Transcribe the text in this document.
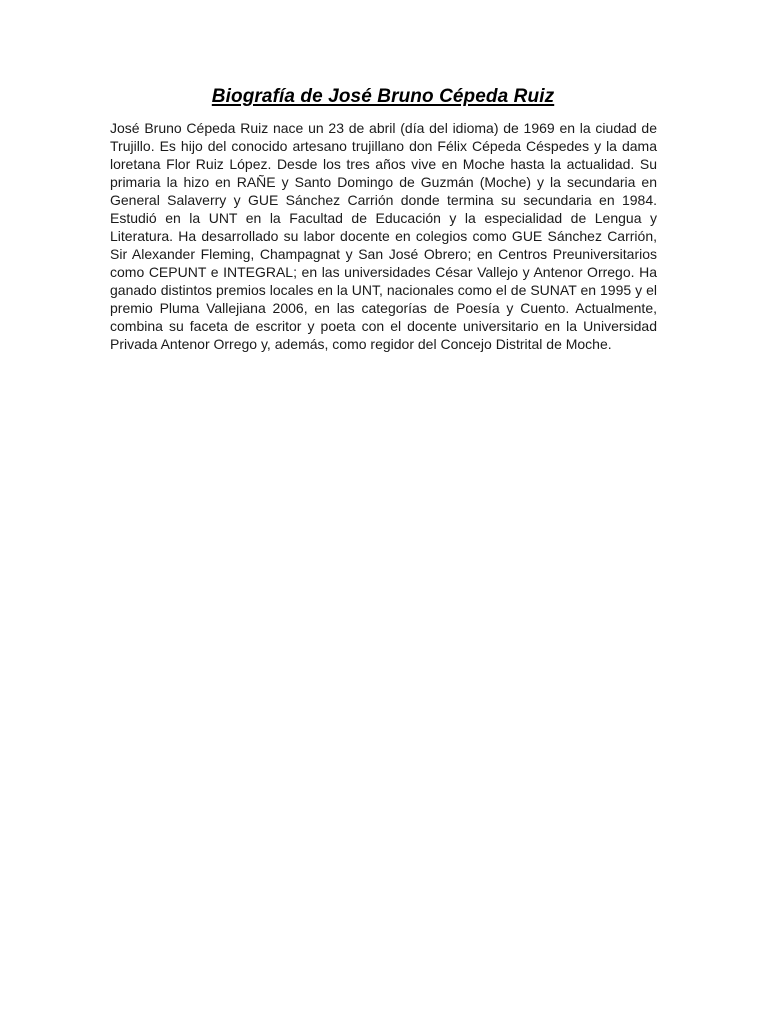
Biografía de José Bruno Cépeda Ruiz

José Bruno Cépeda Ruiz nace un 23 de abril (día del idioma) de 1969 en la ciudad de Trujillo. Es hijo del conocido artesano trujillano don Félix Cépeda Céspedes y la dama loretana Flor Ruiz López. Desde los tres años vive en Moche hasta la actualidad. Su primaria la hizo en RAÑE y Santo Domingo de Guzmán (Moche) y la secundaria en General Salaverry y GUE Sánchez Carrión donde termina su secundaria en 1984. Estudió en la UNT en la Facultad de Educación y la especialidad de Lengua y Literatura. Ha desarrollado su labor docente en colegios como GUE Sánchez Carrión, Sir Alexander Fleming, Champagnat y San José Obrero; en Centros Preuniversitarios como CEPUNT e INTEGRAL; en las universidades César Vallejo y Antenor Orrego. Ha ganado distintos premios locales en la UNT, nacionales como el de SUNAT en 1995 y el premio Pluma Vallejiana 2006, en las categorías de Poesía y Cuento. Actualmente, combina su faceta de escritor y poeta con el docente universitario en la Universidad Privada Antenor Orrego y, además, como regidor del Concejo Distrital de Moche.
